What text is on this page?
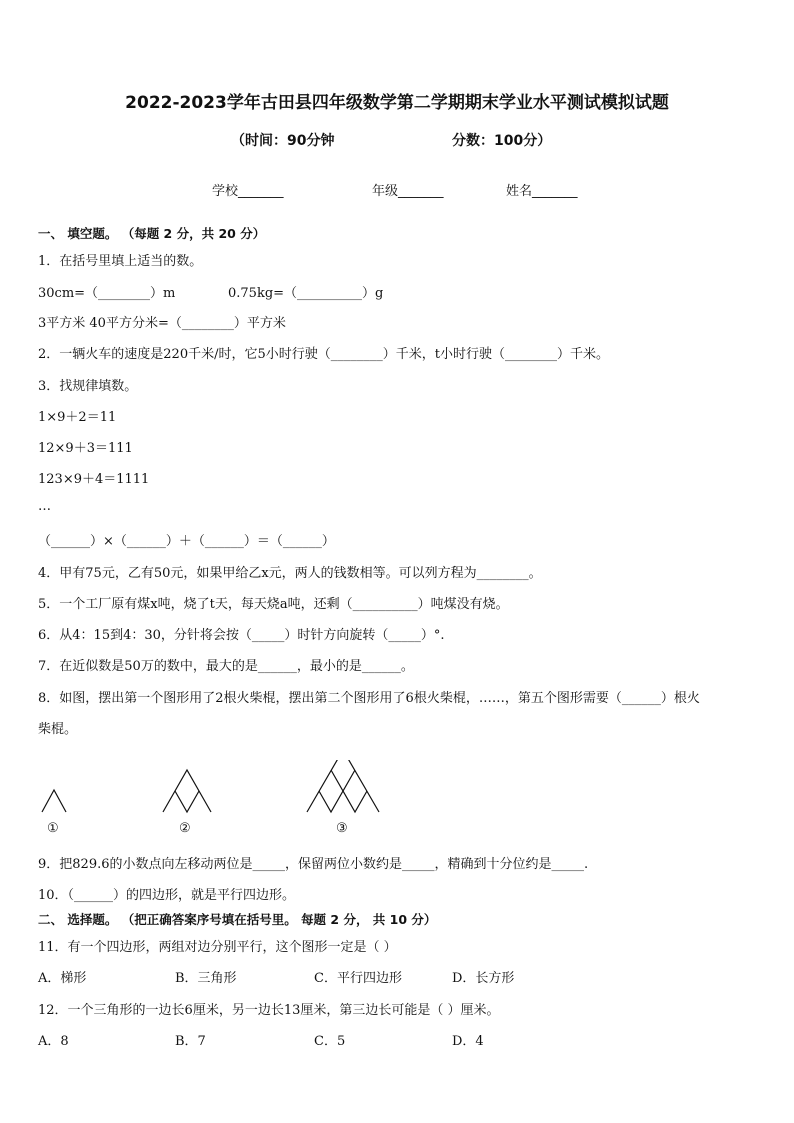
2022-2023学年古田县四年级数学第二学期期末学业水平测试模拟试题
（时间：90分钟	分数：100分）
学校_______	年级_______	姓名_______
一、 填空题。 （每题 2 分，共 20 分）
1．在括号里填上适当的数。
30cm=（________）m	0.75kg=（__________）g
3平方米 40平方分米=（________）平方米
2．一辆火车的速度是220千米/时，它5小时行驶（________）千米，t小时行驶（________）千米。
3．找规律填数。
1×9＋2＝11
12×9＋3＝111
123×9＋4＝1111
…
（______）×（______）＋（______）＝（______）
4．甲有75元，乙有50元，如果甲给乙x元，两人的钱数相等。可以列方程为________。
5．一个工厂原有煤x吨，烧了t天，每天烧a吨，还剩（__________）吨煤没有烧。
6．从4：15到4：30，分针将会按（_____）时针方向旋转（_____）°.
7．在近似数是50万的数中，最大的是______，最小的是______。
8．如图，摆出第一个图形用了2根火柴棍，摆出第二个图形用了6根火柴棍，……，第五个图形需要（______）根火
柴棍。
①	②	③
9．把829.6的小数点向左移动两位是_____，保留两位小数约是_____，精确到十分位约是_____.
10．（______）的四边形，就是平行四边形。
二、 选择题。 （把正确答案序号填在括号里。 每题 2 分， 共 10 分）
11．有一个四边形，两组对边分别平行，这个图形一定是（ ）
A．梯形	B．三角形	C．平行四边形	D．长方形
12．一个三角形的一边长6厘米，另一边长13厘米，第三边长可能是（ ）厘米。
A．8	B．7	C．5	D．4
